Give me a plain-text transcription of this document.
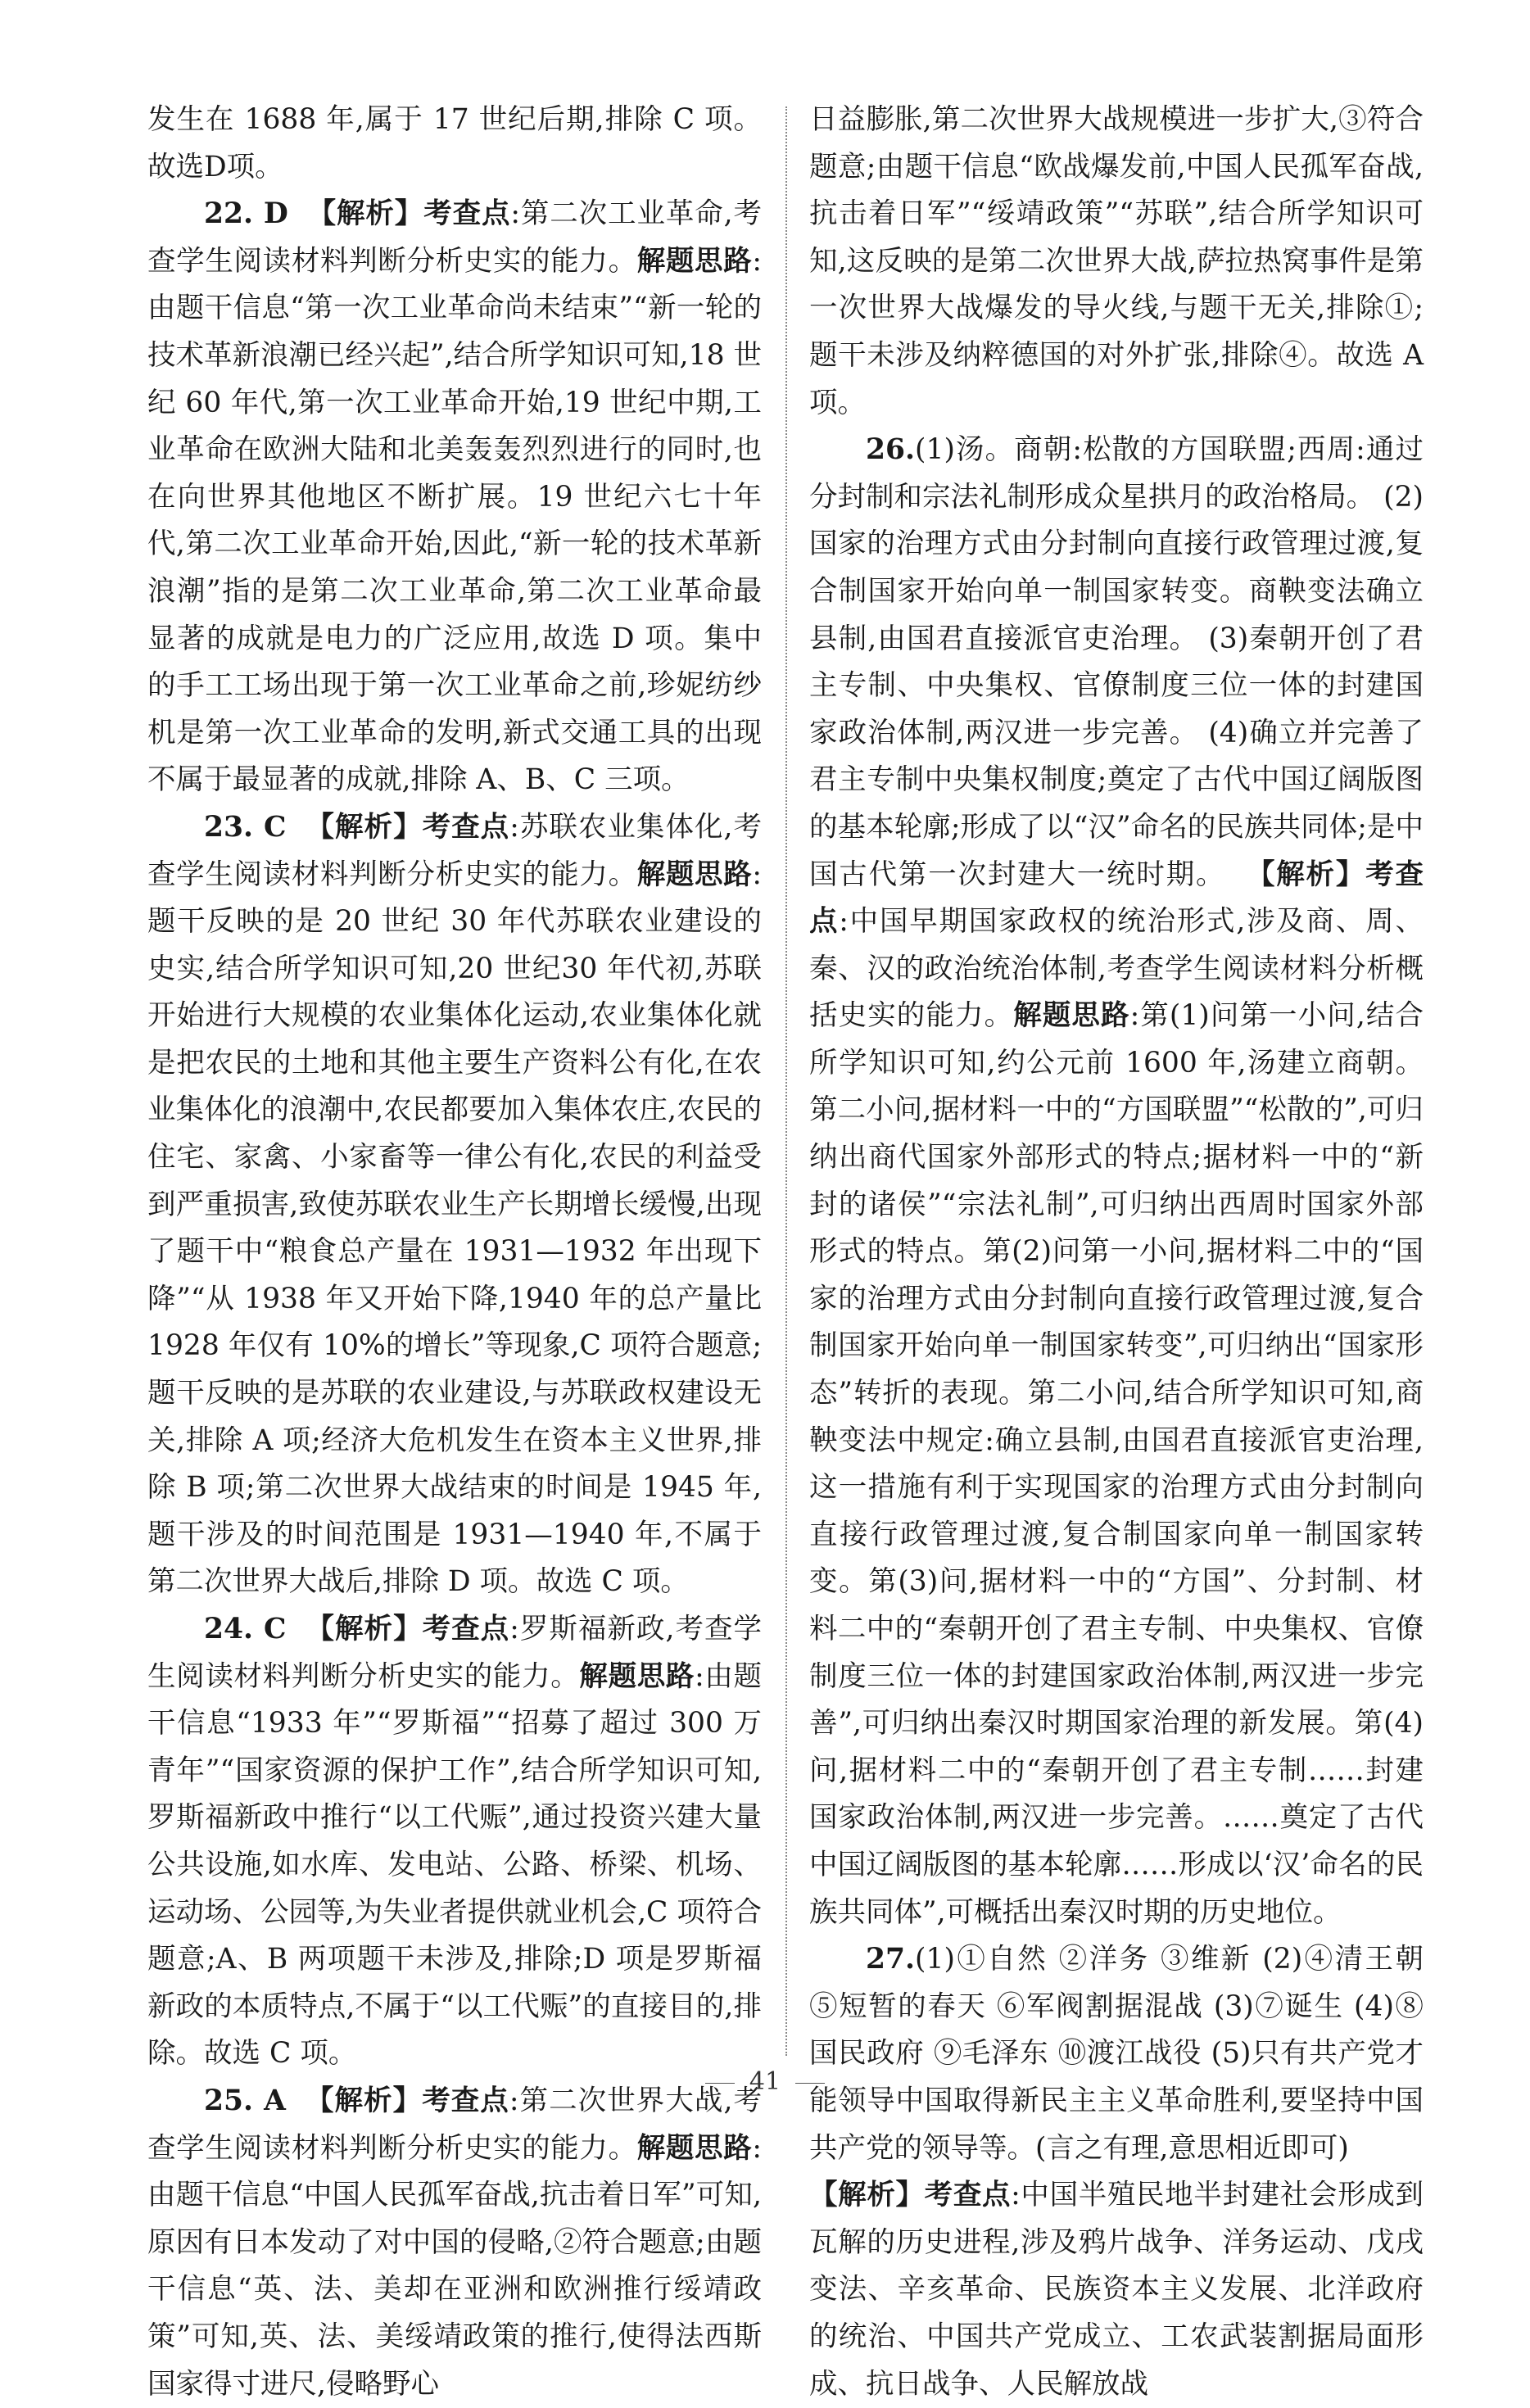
发生在 1688 年,属于 17 世纪后期,排除 C 项。故选D项。

22. D 【解析】考查点:第二次工业革命,考查学生阅读材料判断分析史实的能力。解题思路:由题干信息“第一次工业革命尚未结束”“新一轮的技术革新浪潮已经兴起”,结合所学知识可知,18 世纪 60 年代,第一次工业革命开始,19 世纪中期,工业革命在欧洲大陆和北美轰轰烈烈进行的同时,也在向世界其他地区不断扩展。19 世纪六七十年代,第二次工业革命开始,因此,“新一轮的技术革新浪潮”指的是第二次工业革命,第二次工业革命最显著的成就是电力的广泛应用,故选 D 项。集中的手工工场出现于第一次工业革命之前,珍妮纺纱机是第一次工业革命的发明,新式交通工具的出现不属于最显著的成就,排除 A、B、C 三项。

23. C 【解析】考查点:苏联农业集体化,考查学生阅读材料判断分析史实的能力。解题思路:题干反映的是 20 世纪 30 年代苏联农业建设的史实,结合所学知识可知,20 世纪30 年代初,苏联开始进行大规模的农业集体化运动,农业集体化就是把农民的土地和其他主要生产资料公有化,在农业集体化的浪潮中,农民都要加入集体农庄,农民的住宅、家禽、小家畜等一律公有化,农民的利益受到严重损害,致使苏联农业生产长期增长缓慢,出现了题干中“粮食总产量在 1931—1932 年出现下降”“从 1938 年又开始下降,1940 年的总产量比 1928 年仅有 10%的增长”等现象,C 项符合题意;题干反映的是苏联的农业建设,与苏联政权建设无关,排除 A 项;经济大危机发生在资本主义世界,排除 B 项;第二次世界大战结束的时间是 1945 年,题干涉及的时间范围是 1931—1940 年,不属于第二次世界大战后,排除 D 项。故选 C 项。

24. C 【解析】考查点:罗斯福新政,考查学生阅读材料判断分析史实的能力。解题思路:由题干信息“1933 年”“罗斯福”“招募了超过 300 万青年”“国家资源的保护工作”,结合所学知识可知,罗斯福新政中推行“以工代赈”,通过投资兴建大量公共设施,如水库、发电站、公路、桥梁、机场、运动场、公园等,为失业者提供就业机会,C 项符合题意;A、B 两项题干未涉及,排除;D 项是罗斯福新政的本质特点,不属于“以工代赈”的直接目的,排除。故选 C 项。

25. A 【解析】考查点:第二次世界大战,考查学生阅读材料判断分析史实的能力。解题思路:由题干信息“中国人民孤军奋战,抗击着日军”可知,原因有日本发动了对中国的侵略,②符合题意;由题干信息“英、法、美却在亚洲和欧洲推行绥靖政策”可知,英、法、美绥靖政策的推行,使得法西斯国家得寸进尺,侵略野心

日益膨胀,第二次世界大战规模进一步扩大,③符合题意;由题干信息“欧战爆发前,中国人民孤军奋战,抗击着日军”“绥靖政策”“苏联”,结合所学知识可知,这反映的是第二次世界大战,萨拉热窝事件是第一次世界大战爆发的导火线,与题干无关,排除①;题干未涉及纳粹德国的对外扩张,排除④。故选 A 项。

26.(1)汤。商朝:松散的方国联盟;西周:通过分封制和宗法礼制形成众星拱月的政治格局。 (2)国家的治理方式由分封制向直接行政管理过渡,复合制国家开始向单一制国家转变。商鞅变法确立县制,由国君直接派官吏治理。 (3)秦朝开创了君主专制、中央集权、官僚制度三位一体的封建国家政治体制,两汉进一步完善。 (4)确立并完善了君主专制中央集权制度;奠定了古代中国辽阔版图的基本轮廓;形成了以“汉”命名的民族共同体;是中国古代第一次封建大一统时期。 【解析】考查点:中国早期国家政权的统治形式,涉及商、周、秦、汉的政治统治体制,考查学生阅读材料分析概括史实的能力。解题思路:第(1)问第一小问,结合所学知识可知,约公元前 1600 年,汤建立商朝。第二小问,据材料一中的“方国联盟”“松散的”,可归纳出商代国家外部形式的特点;据材料一中的“新封的诸侯”“宗法礼制”,可归纳出西周时国家外部形式的特点。第(2)问第一小问,据材料二中的“国家的治理方式由分封制向直接行政管理过渡,复合制国家开始向单一制国家转变”,可归纳出“国家形态”转折的表现。第二小问,结合所学知识可知,商鞅变法中规定:确立县制,由国君直接派官吏治理,这一措施有利于实现国家的治理方式由分封制向直接行政管理过渡,复合制国家向单一制国家转变。第(3)问,据材料一中的“方国”、分封制、材料二中的“秦朝开创了君主专制、中央集权、官僚制度三位一体的封建国家政治体制,两汉进一步完善”,可归纳出秦汉时期国家治理的新发展。第(4)问,据材料二中的“秦朝开创了君主专制……封建国家政治体制,两汉进一步完善。……奠定了古代中国辽阔版图的基本轮廓……形成以‘汉’命名的民族共同体”,可概括出秦汉时期的历史地位。

27.(1)①自然 ②洋务 ③维新 (2)④清王朝 ⑤短暂的春天 ⑥军阀割据混战 (3)⑦诞生 (4)⑧国民政府 ⑨毛泽东 ⑩渡江战役 (5)只有共产党才能领导中国取得新民主主义革命胜利,要坚持中国共产党的领导等。(言之有理,意思相近即可)

【解析】考查点:中国半殖民地半封建社会形成到瓦解的历史进程,涉及鸦片战争、洋务运动、戊戌变法、辛亥革命、民族资本主义发展、北洋政府的统治、中国共产党成立、工农武装割据局面形成、抗日战争、人民解放战

41
